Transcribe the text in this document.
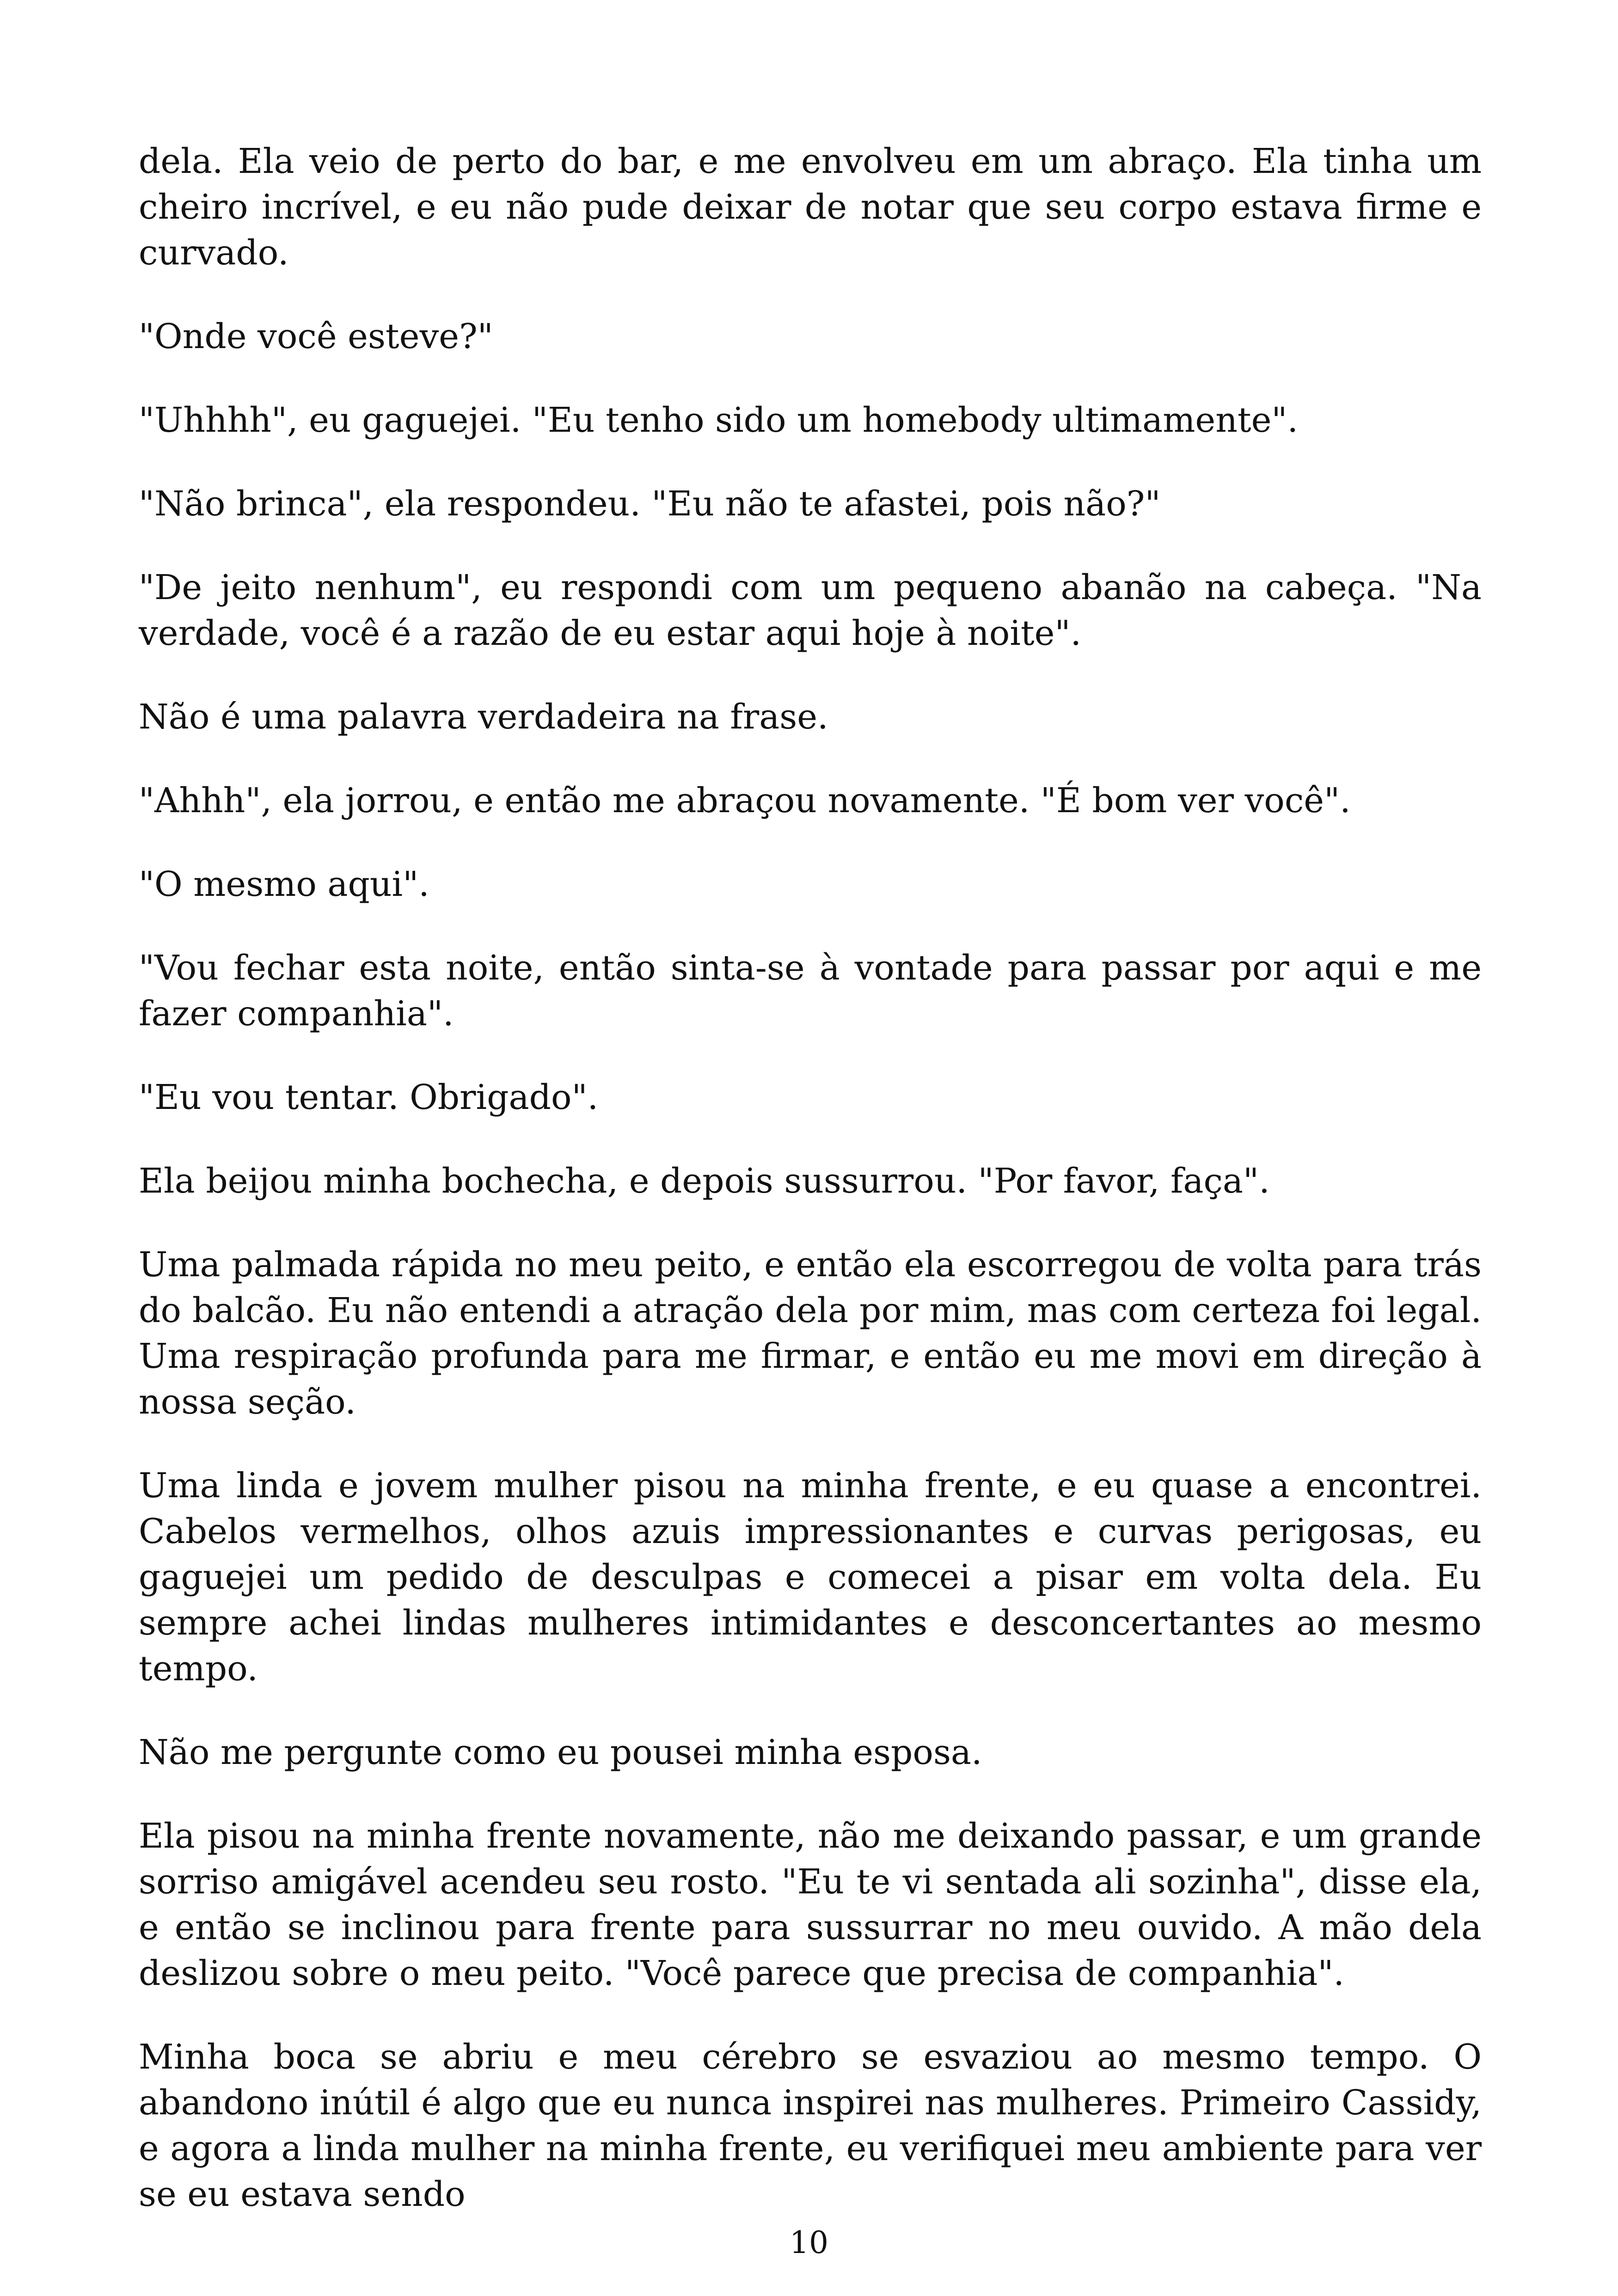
dela. Ela veio de perto do bar, e me envolveu em um abraço. Ela tinha um cheiro incrível, e eu não pude deixar de notar que seu corpo estava firme e curvado.

"Onde você esteve?"

"Uhhhh", eu gaguejei. "Eu tenho sido um homebody ultimamente".

"Não brinca", ela respondeu. "Eu não te afastei, pois não?"

"De jeito nenhum", eu respondi com um pequeno abanão na cabeça. "Na verdade, você é a razão de eu estar aqui hoje à noite".

Não é uma palavra verdadeira na frase.

"Ahhh", ela jorrou, e então me abraçou novamente. "É bom ver você".

"O mesmo aqui".

"Vou fechar esta noite, então sinta-se à vontade para passar por aqui e me fazer companhia".

"Eu vou tentar. Obrigado".

Ela beijou minha bochecha, e depois sussurrou. "Por favor, faça".

Uma palmada rápida no meu peito, e então ela escorregou de volta para trás do balcão. Eu não entendi a atração dela por mim, mas com certeza foi legal. Uma respiração profunda para me firmar, e então eu me movi em direção à nossa seção.

Uma linda e jovem mulher pisou na minha frente, e eu quase a encontrei. Cabelos vermelhos, olhos azuis impressionantes e curvas perigosas, eu gaguejei um pedido de desculpas e comecei a pisar em volta dela. Eu sempre achei lindas mulheres intimidantes e desconcertantes ao mesmo tempo.

Não me pergunte como eu pousei minha esposa.

Ela pisou na minha frente novamente, não me deixando passar, e um grande sorriso amigável acendeu seu rosto. "Eu te vi sentada ali sozinha", disse ela, e então se inclinou para frente para sussurrar no meu ouvido. A mão dela deslizou sobre o meu peito. "Você parece que precisa de companhia".

Minha boca se abriu e meu cérebro se esvaziou ao mesmo tempo. O abandono inútil é algo que eu nunca inspirei nas mulheres. Primeiro Cassidy, e agora a linda mulher na minha frente, eu verifiquei meu ambiente para ver se eu estava sendo

10
